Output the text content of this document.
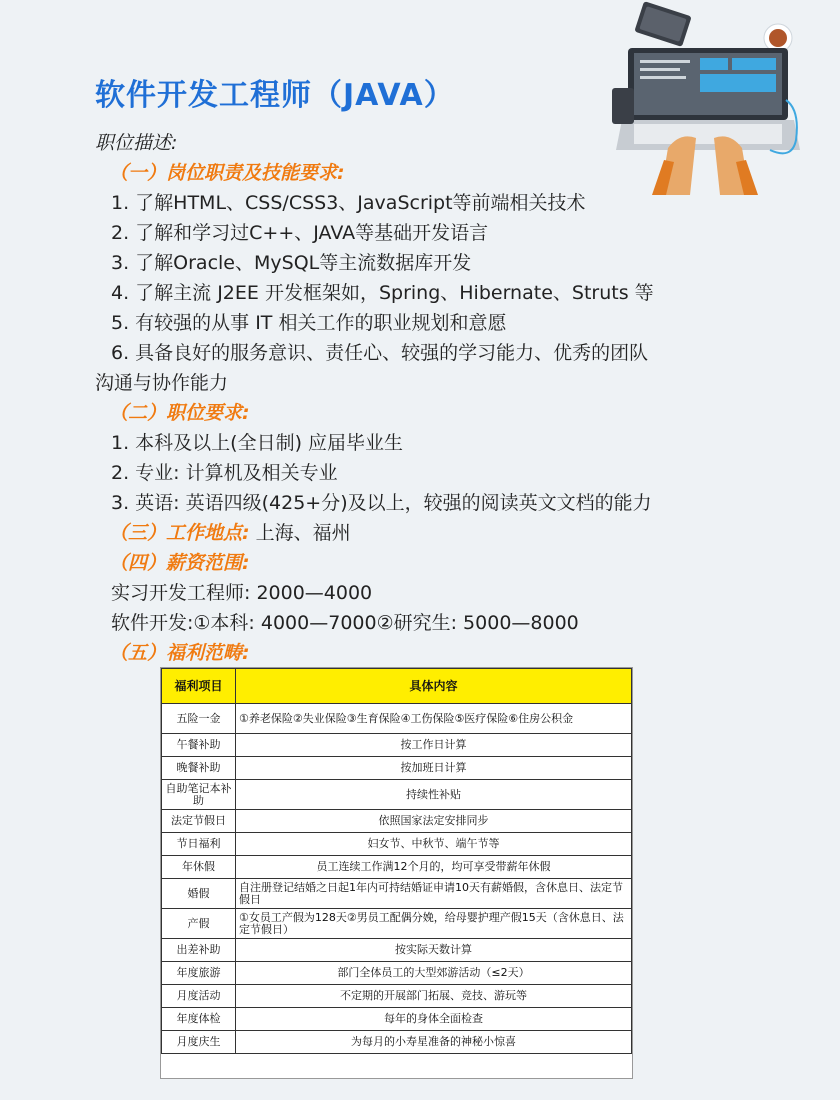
软件开发工程师（JAVA）
职位描述:
（一）岗位职责及技能要求:
1. 了解HTML、CSS/CSS3、JavaScript等前端相关技术
2. 了解和学习过C++、JAVA等基础开发语言
3. 了解Oracle、MySQL等主流数据库开发
4. 了解主流 J2EE 开发框架如，Spring、Hibernate、Struts 等
5. 有较强的从事 IT 相关工作的职业规划和意愿
6. 具备良好的服务意识、责任心、较强的学习能力、优秀的团队
沟通与协作能力
（二）职位要求:
1. 本科及以上(全日制) 应届毕业生
2. 专业: 计算机及相关专业
3. 英语: 英语四级(425+分)及以上，较强的阅读英文文档的能力
（三）工作地点: 上海、福州
（四）薪资范围:
实习开发工程师: 2000—4000
软件开发:①本科: 4000—7000②研究生: 5000—8000
（五）福利范畴:
福利项目	具体内容
五险一金	①养老保险②失业保险③生育保险④工伤保险⑤医疗保险⑥住房公积金
午餐补助	按工作日计算
晚餐补助	按加班日计算
自助笔记本补助	持续性补贴
法定节假日	依照国家法定安排同步
节日福利	妇女节、中秋节、端午节等
年休假	员工连续工作满12个月的，均可享受带薪年休假
婚假	自注册登记结婚之日起1年内可持结婚证申请10天有薪婚假，含休息日、法定节假日
产假	①女员工产假为128天②男员工配偶分娩，给母婴护理产假15天（含休息日、法定节假日）
出差补助	按实际天数计算
年度旅游	部门全体员工的大型郊游活动（≤2天）
月度活动	不定期的开展部门拓展、竞技、游玩等
年度体检	每年的身体全面检查
月度庆生	为每月的小寿星准备的神秘小惊喜
